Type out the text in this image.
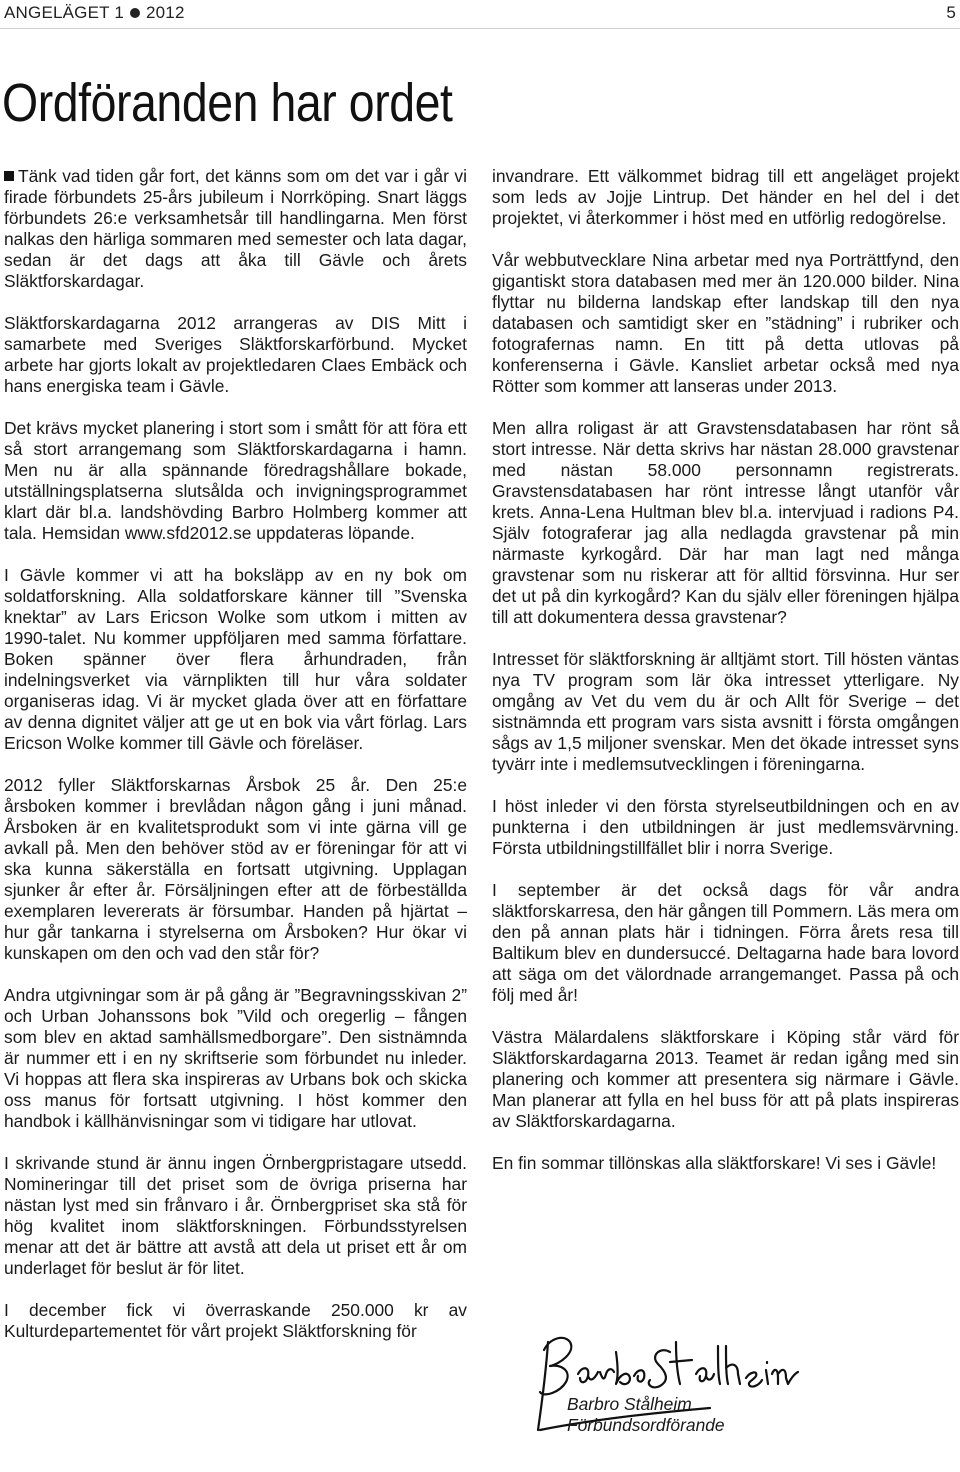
ANGELÄGET 1 2012	5
Ordföranden har ordet

Tänk vad tiden går fort, det känns som om det var i går vi firade förbundets 25-års jubileum i Norrköping. Snart läggs förbundets 26:e verksamhetsår till handlingarna. Men först nalkas den härliga sommaren med semester och lata dagar, sedan är det dags att åka till Gävle och årets Släktforskardagar.

Släktforskardagarna 2012 arrangeras av DIS Mitt i samarbete med Sveriges Släktforskarförbund. Mycket arbete har gjorts lokalt av projektledaren Claes Embäck och hans energiska team i Gävle.

Det krävs mycket planering i stort som i smått för att föra ett så stort arrangemang som Släktforskardagarna i hamn. Men nu är alla spännande föredragshållare bokade, utställningsplatserna slutsålda och invigningsprogrammet klart där bl.a. landshövding Barbro Holmberg kommer att tala. Hemsidan www.sfd2012.se uppdateras löpande.

I Gävle kommer vi att ha boksläpp av en ny bok om soldatforskning. Alla soldatforskare känner till ”Svenska knektar” av Lars Ericson Wolke som utkom i mitten av 1990-talet. Nu kommer uppföljaren med samma författare. Boken spänner över flera århundraden, från indelningsverket via värnplikten till hur våra soldater organiseras idag. Vi är mycket glada över att en författare av denna dignitet väljer att ge ut en bok via vårt förlag. Lars Ericson Wolke kommer till Gävle och föreläser.

2012 fyller Släktforskarnas Årsbok 25 år. Den 25:e årsboken kommer i brevlådan någon gång i juni månad. Årsboken är en kvalitetsprodukt som vi inte gärna vill ge avkall på. Men den behöver stöd av er föreningar för att vi ska kunna säkerställa en fortsatt utgivning. Upplagan sjunker år efter år. Försäljningen efter att de förbeställda exemplaren levererats är försumbar. Handen på hjärtat – hur går tankarna i styrelserna om Årsboken? Hur ökar vi kunskapen om den och vad den står för?

Andra utgivningar som är på gång är ”Begravningsskivan 2” och Urban Johanssons bok ”Vild och oregerlig – fången som blev en aktad samhällsmedborgare”. Den sistnämnda är nummer ett i en ny skriftserie som förbundet nu inleder. Vi hoppas att flera ska inspireras av Urbans bok och skicka oss manus för fortsatt utgivning. I höst kommer den handbok i källhänvisningar som vi tidigare har utlovat.

I skrivande stund är ännu ingen Örnbergpristagare utsedd. Nomineringar till det priset som de övriga priserna har nästan lyst med sin frånvaro i år. Örnbergpriset ska stå för hög kvalitet inom släktforskningen. Förbundsstyrelsen menar att det är bättre att avstå att dela ut priset ett år om underlaget för beslut är för litet.

I december fick vi överraskande 250.000 kr av Kulturdepartementet för vårt projekt Släktforskning för

invandrare. Ett välkommet bidrag till ett angeläget projekt som leds av Jojje Lintrup. Det händer en hel del i det projektet, vi återkommer i höst med en utförlig redogörelse.

Vår webbutvecklare Nina arbetar med nya Porträttfynd, den gigantiskt stora databasen med mer än 120.000 bilder. Nina flyttar nu bilderna landskap efter landskap till den nya databasen och samtidigt sker en ”städning” i rubriker och fotografernas namn. En titt på detta utlovas på konferenserna i Gävle. Kansliet arbetar också med nya Rötter som kommer att lanseras under 2013.

Men allra roligast är att Gravstensdatabasen har rönt så stort intresse. När detta skrivs har nästan 28.000 gravstenar med nästan 58.000 personnamn registrerats. Gravstensdatabasen har rönt intresse långt utanför vår krets. Anna-Lena Hultman blev bl.a. intervjuad i radions P4. Själv fotograferar jag alla nedlagda gravstenar på min närmaste kyrkogård. Där har man lagt ned många gravstenar som nu riskerar att för alltid försvinna. Hur ser det ut på din kyrkogård? Kan du själv eller föreningen hjälpa till att dokumentera dessa gravstenar?

Intresset för släktforskning är alltjämt stort. Till hösten väntas nya TV program som lär öka intresset ytterligare. Ny omgång av Vet du vem du är och Allt för Sverige – det sistnämnda ett program vars sista avsnitt i första omgången sågs av 1,5 miljoner svenskar. Men det ökade intresset syns tyvärr inte i medlemsutvecklingen i föreningarna.

I höst inleder vi den första styrelseutbildningen och en av punkterna i den utbildningen är just medlemsvärvning. Första utbildningstillfället blir i norra Sverige.

I september är det också dags för vår andra släktforskarresa, den här gången till Pommern. Läs mera om den på annan plats här i tidningen. Förra årets resa till Baltikum blev en dundersuccé. Deltagarna hade bara lovord att säga om det välordnade arrangemanget. Passa på och följ med år!

Västra Mälardalens släktforskare i Köping står värd för Släktforskardagarna 2013. Teamet är redan igång med sin planering och kommer att presentera sig närmare i Gävle. Man planerar att fylla en hel buss för att på plats inspireras av Släktforskardagarna.

En fin sommar tillönskas alla släktforskare! Vi ses i Gävle!

Barbro Stålheim
Förbundsordförande
